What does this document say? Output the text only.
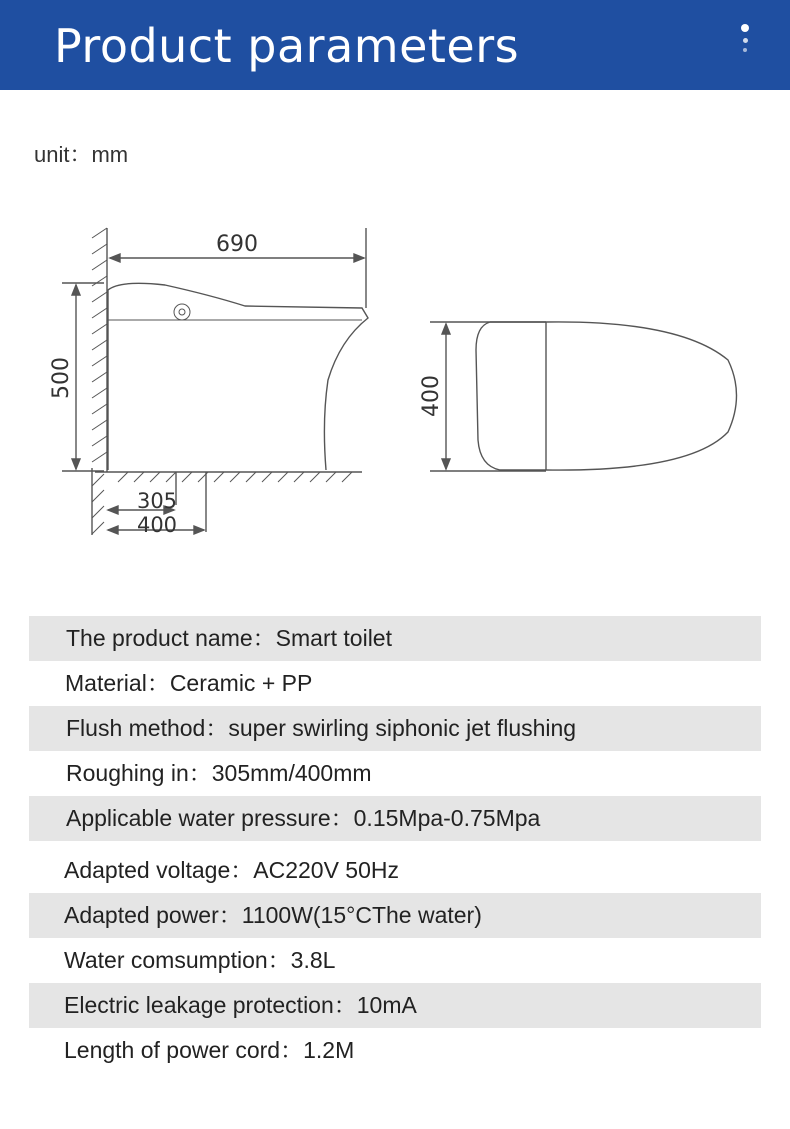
Product parameters
unit：mm
690
500
305
400
400
The product name：Smart toilet
Material：Ceramic + PP
Flush method：super swirling siphonic jet flushing
Roughing in：305mm/400mm
Applicable water pressure：0.15Mpa-0.75Mpa
Adapted voltage：AC220V 50Hz
Adapted power：1100W(15°CThe water)
Water comsumption：3.8L
Electric leakage protection：10mA
Length of power cord：1.2M
